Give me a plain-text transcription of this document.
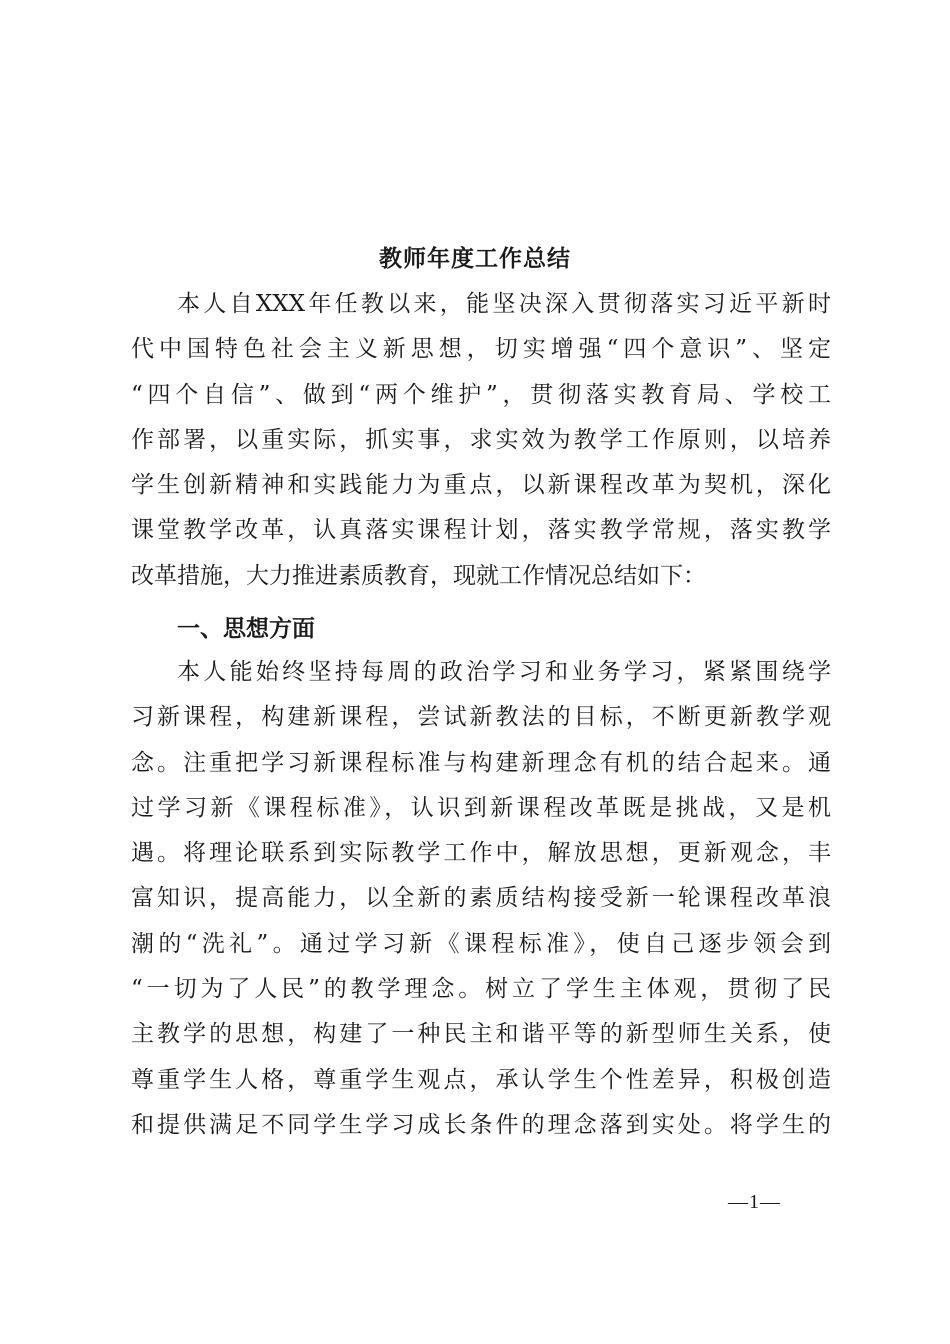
教师年度工作总结
本人自XXX年任教以来，能坚决深入贯彻落实习近平新时
代中国特色社会主义新思想，切实增强“四个意识”、坚定
“四个自信”、做到“两个维护”，贯彻落实教育局、学校工
作部署，以重实际，抓实事，求实效为教学工作原则，以培养
学生创新精神和实践能力为重点，以新课程改革为契机，深化
课堂教学改革，认真落实课程计划，落实教学常规，落实教学
改革措施，大力推进素质教育，现就工作情况总结如下：
一、思想方面
本人能始终坚持每周的政治学习和业务学习，紧紧围绕学
习新课程，构建新课程，尝试新教法的目标，不断更新教学观
念。注重把学习新课程标准与构建新理念有机的结合起来。通
过学习新《课程标准》，认识到新课程改革既是挑战，又是机
遇。将理论联系到实际教学工作中，解放思想，更新观念，丰
富知识，提高能力，以全新的素质结构接受新一轮课程改革浪
潮的“洗礼”。通过学习新《课程标准》，使自己逐步领会到
“一切为了人民”的教学理念。树立了学生主体观，贯彻了民
主教学的思想，构建了一种民主和谐平等的新型师生关系，使
尊重学生人格，尊重学生观点，承认学生个性差异，积极创造
和提供满足不同学生学习成长条件的理念落到实处。将学生的
—1—
